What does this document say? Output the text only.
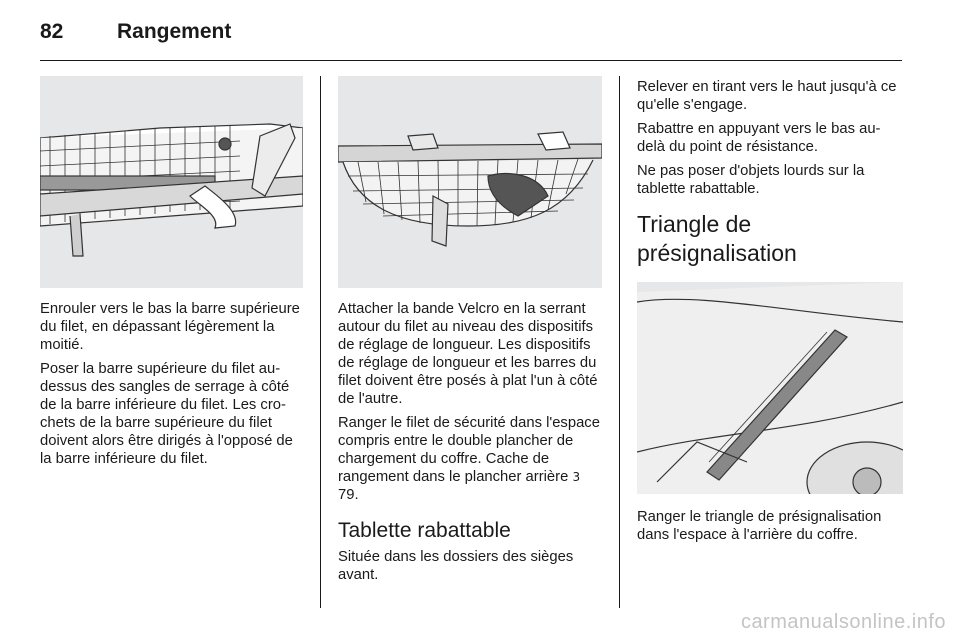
82	Rangement

Enrouler vers le bas la barre supérieure du filet, en dépassant légèrement la moitié.

Poser la barre supérieure du filet au-dessus des sangles de serrage à côté de la barre inférieure du filet. Les crochets de la barre supérieure du filet doivent alors être dirigés à l'opposé de la barre inférieure du filet.

Attacher la bande Velcro en la serrant autour du filet au niveau des dispositifs de réglage de longueur. Les dispositifs de réglage de longueur et les barres du filet doivent être posés à plat l'un à côté de l'autre.

Ranger le filet de sécurité dans l'espace compris entre le double plancher de chargement du coffre. Cache de rangement dans le plancher arrière 3 79.

Tablette rabattable

Située dans les dossiers des sièges avant.

Relever en tirant vers le haut jusqu'à ce qu'elle s'engage.

Rabattre en appuyant vers le bas au-delà du point de résistance.

Ne pas poser d'objets lourds sur la tablette rabattable.

Triangle de présignalisation

Ranger le triangle de présignalisation dans l'espace à l'arrière du coffre.

carmanualsonline.info
